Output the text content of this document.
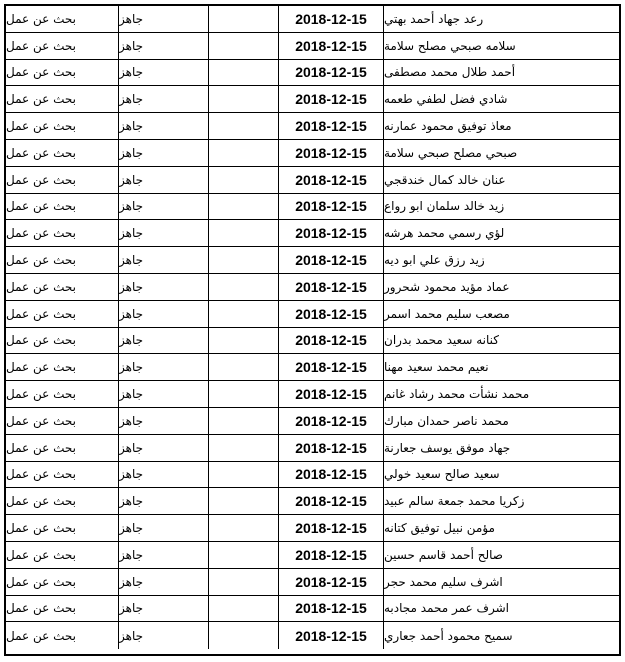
رعد جهاد أحمد بهتي
2018-12-15
جاهز
بحث عن عمل
سلامه صبحي مصلح سلامة
2018-12-15
جاهز
بحث عن عمل
أحمد طلال محمد مصطفى
2018-12-15
جاهز
بحث عن عمل
شادي فضل لطفي طعمه
2018-12-15
جاهز
بحث عن عمل
معاذ توفيق محمود عمارنه
2018-12-15
جاهز
بحث عن عمل
صبحي مصلح صبحي سلامة
2018-12-15
جاهز
بحث عن عمل
عنان خالد كمال خندقجي
2018-12-15
جاهز
بحث عن عمل
زيد خالد سلمان ابو رواع
2018-12-15
جاهز
بحث عن عمل
لؤي رسمي محمد هرشه
2018-12-15
جاهز
بحث عن عمل
زيد رزق علي ابو ديه
2018-12-15
جاهز
بحث عن عمل
عماد مؤيد محمود شحرور
2018-12-15
جاهز
بحث عن عمل
مصعب سليم محمد اسمر
2018-12-15
جاهز
بحث عن عمل
كنانه سعيد محمد بدران
2018-12-15
جاهز
بحث عن عمل
نعيم محمد سعيد مهنا
2018-12-15
جاهز
بحث عن عمل
محمد نشأت محمد رشاد غانم
2018-12-15
جاهز
بحث عن عمل
محمد ناصر حمدان مبارك
2018-12-15
جاهز
بحث عن عمل
جهاد موفق يوسف جعارنة
2018-12-15
جاهز
بحث عن عمل
سعيد صالح سعيد خولي
2018-12-15
جاهز
بحث عن عمل
زكريا محمد جمعة سالم عبيد
2018-12-15
جاهز
بحث عن عمل
مؤمن نبيل توفيق كتانه
2018-12-15
جاهز
بحث عن عمل
صالح أحمد قاسم حسين
2018-12-15
جاهز
بحث عن عمل
اشرف سليم محمد حجر
2018-12-15
جاهز
بحث عن عمل
اشرف عمر محمد مجادبه
2018-12-15
جاهز
بحث عن عمل
سميح محمود أحمد جعاري
2018-12-15
جاهز
بحث عن عمل
